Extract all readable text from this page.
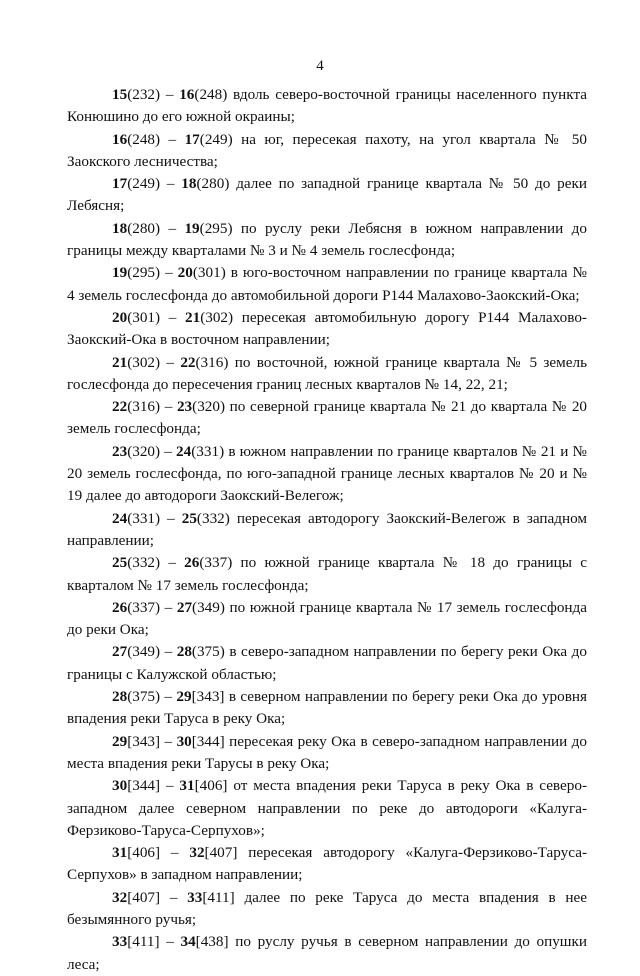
4

15(232) – 16(248) вдоль северо-восточной границы населенного пункта Конюшино до его южной окраины;

16(248) – 17(249) на юг, пересекая пахоту, на угол квартала № 50 Заокского лесничества;

17(249) – 18(280) далее по западной границе квартала № 50 до реки Лебясня;

18(280) – 19(295) по руслу реки Лебясня в южном направлении до границы между кварталами № 3 и № 4 земель гослесфонда;

19(295) – 20(301) в юго-восточном направлении по границе квартала № 4 земель гослесфонда до автомобильной дороги Р144 Малахово-Заокский-Ока;

20(301) – 21(302) пересекая автомобильную дорогу Р144 Малахово-Заокский-Ока в восточном направлении;

21(302) – 22(316) по восточной, южной границе квартала № 5 земель гослесфонда до пересечения границ лесных кварталов № 14, 22, 21;

22(316) – 23(320) по северной границе квартала № 21 до квартала № 20 земель гослесфонда;

23(320) – 24(331) в южном направлении по границе кварталов № 21 и № 20 земель гослесфонда, по юго-западной границе лесных кварталов № 20 и № 19 далее до автодороги Заокский-Велегож;

24(331) – 25(332) пересекая автодорогу Заокский-Велегож в западном направлении;

25(332) – 26(337) по южной границе квартала № 18 до границы с кварталом № 17 земель гослесфонда;

26(337) – 27(349) по южной границе квартала № 17 земель гослесфонда до реки Ока;

27(349) – 28(375) в северо-западном направлении по берегу реки Ока до границы с Калужской областью;

28(375) – 29[343] в северном направлении по берегу реки Ока до уровня впадения реки Таруса в реку Ока;

29[343] – 30[344] пересекая реку Ока в северо-западном направлении до места впадения реки Тарусы в реку Ока;

30[344] – 31[406] от места впадения реки Таруса в реку Ока в северо-западном далее северном направлении по реке до автодороги «Калуга-Ферзиково-Таруса-Серпухов»;

31[406] – 32[407] пересекая автодорогу «Калуга-Ферзиково-Таруса-Серпухов» в западном направлении;

32[407] – 33[411] далее по реке Таруса до места впадения в нее безымянного ручья;

33[411] – 34[438] по руслу ручья в северном направлении до опушки леса;
